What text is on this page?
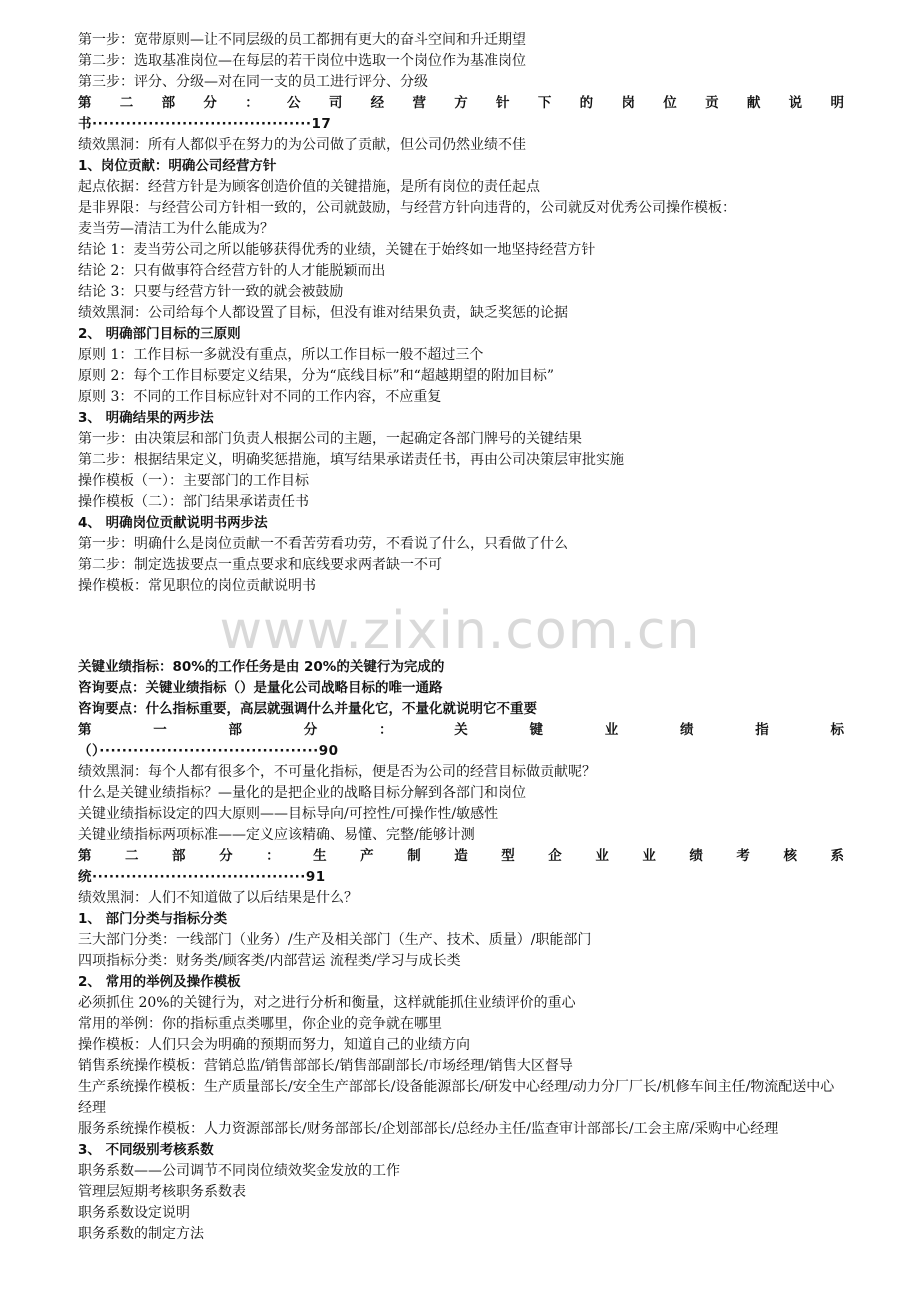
www.zixin.com.cn

第一步：宽带原则—让不同层级的员工都拥有更大的奋斗空间和升迁期望

第二步：选取基准岗位—在每层的若干岗位中选取一个岗位作为基准岗位

第三步：评分、分级—对在同一支的员工进行评分、分级

第 二 部 分 ： 公 司 经 营 方 针 下 的 岗 位 贡 献 说 明
书·······································17

绩效黑洞：所有人都似乎在努力的为公司做了贡献，但公司仍然业绩不佳

1、岗位贡献：明确公司经营方针

起点依据：经营方针是为顾客创造价值的关键措施，是所有岗位的责任起点

是非界限：与经营公司方针相一致的，公司就鼓励，与经营方针向违背的，公司就反对优秀公司操作模板：

麦当劳—清洁工为什么能成为？

结论 1：麦当劳公司之所以能够获得优秀的业绩，关键在于始终如一地坚持经营方针

结论 2：只有做事符合经营方针的人才能脱颖而出

结论 3：只要与经营方针一致的就会被鼓励

绩效黑洞：公司给每个人都设置了目标，但没有谁对结果负责，缺乏奖惩的论据

2、 明确部门目标的三原则

原则 1：工作目标一多就没有重点，所以工作目标一般不超过三个

原则 2：每个工作目标要定义结果，分为“底线目标”和“超越期望的附加目标”

原则 3：不同的工作目标应针对不同的工作内容，不应重复

3、 明确结果的两步法

第一步：由决策层和部门负责人根据公司的主题，一起确定各部门牌号的关键结果

第二步：根据结果定义，明确奖惩措施，填写结果承诺责任书，再由公司决策层审批实施

操作模板（一）：主要部门的工作目标

操作模板（二）：部门结果承诺责任书

4、 明确岗位贡献说明书两步法

第一步：明确什么是岗位贡献一不看苦劳看功劳，不看说了什么，只看做了什么

第二步：制定选拔要点一重点要求和底线要求两者缺一不可

操作模板：常见职位的岗位贡献说明书

关键业绩指标：80%的工作任务是由 20%的关键行为完成的

咨询要点：关键业绩指标（）是量化公司战略目标的唯一通路

咨询要点：什么指标重要，高层就强调什么并量化它，不量化就说明它不重要

第 一 部 分 ： 关 键 业 绩 指 标
（）·······································90

绩效黑洞：每个人都有很多个，不可量化指标，便是否为公司的经营目标做贡献呢？

什么是关键业绩指标？—量化的是把企业的战略目标分解到各部门和岗位

关键业绩指标设定的四大原则——目标导向/可控性/可操作性/敏感性

关键业绩指标两项标准——定义应该精确、易懂、完整/能够计测

第 二 部 分 ： 生 产 制 造 型 企 业 业 绩 考 核 系
统······································91

绩效黑洞：人们不知道做了以后结果是什么？

1、 部门分类与指标分类

三大部门分类：一线部门（业务）/生产及相关部门（生产、技术、质量）/职能部门

四项指标分类：财务类/顾客类/内部营运 流程类/学习与成长类

2、 常用的举例及操作模板

必须抓住 20%的关键行为，对之进行分析和衡量，这样就能抓住业绩评价的重心

常用的举例：你的指标重点类哪里，你企业的竞争就在哪里

操作模板：人们只会为明确的预期而努力，知道自己的业绩方向

销售系统操作模板：营销总监/销售部部长/销售部副部长/市场经理/销售大区督导

生产系统操作模板：生产质量部长/安全生产部部长/设备能源部长/研发中心经理/动力分厂厂长/机修车间主任/物流配送中心经理

服务系统操作模板：人力资源部部长/财务部部长/企划部部长/总经办主任/监查审计部部长/工会主席/采购中心经理

3、 不同级别考核系数

职务系数——公司调节不同岗位绩效奖金发放的工作

管理层短期考核职务系数表

职务系数设定说明

职务系数的制定方法
